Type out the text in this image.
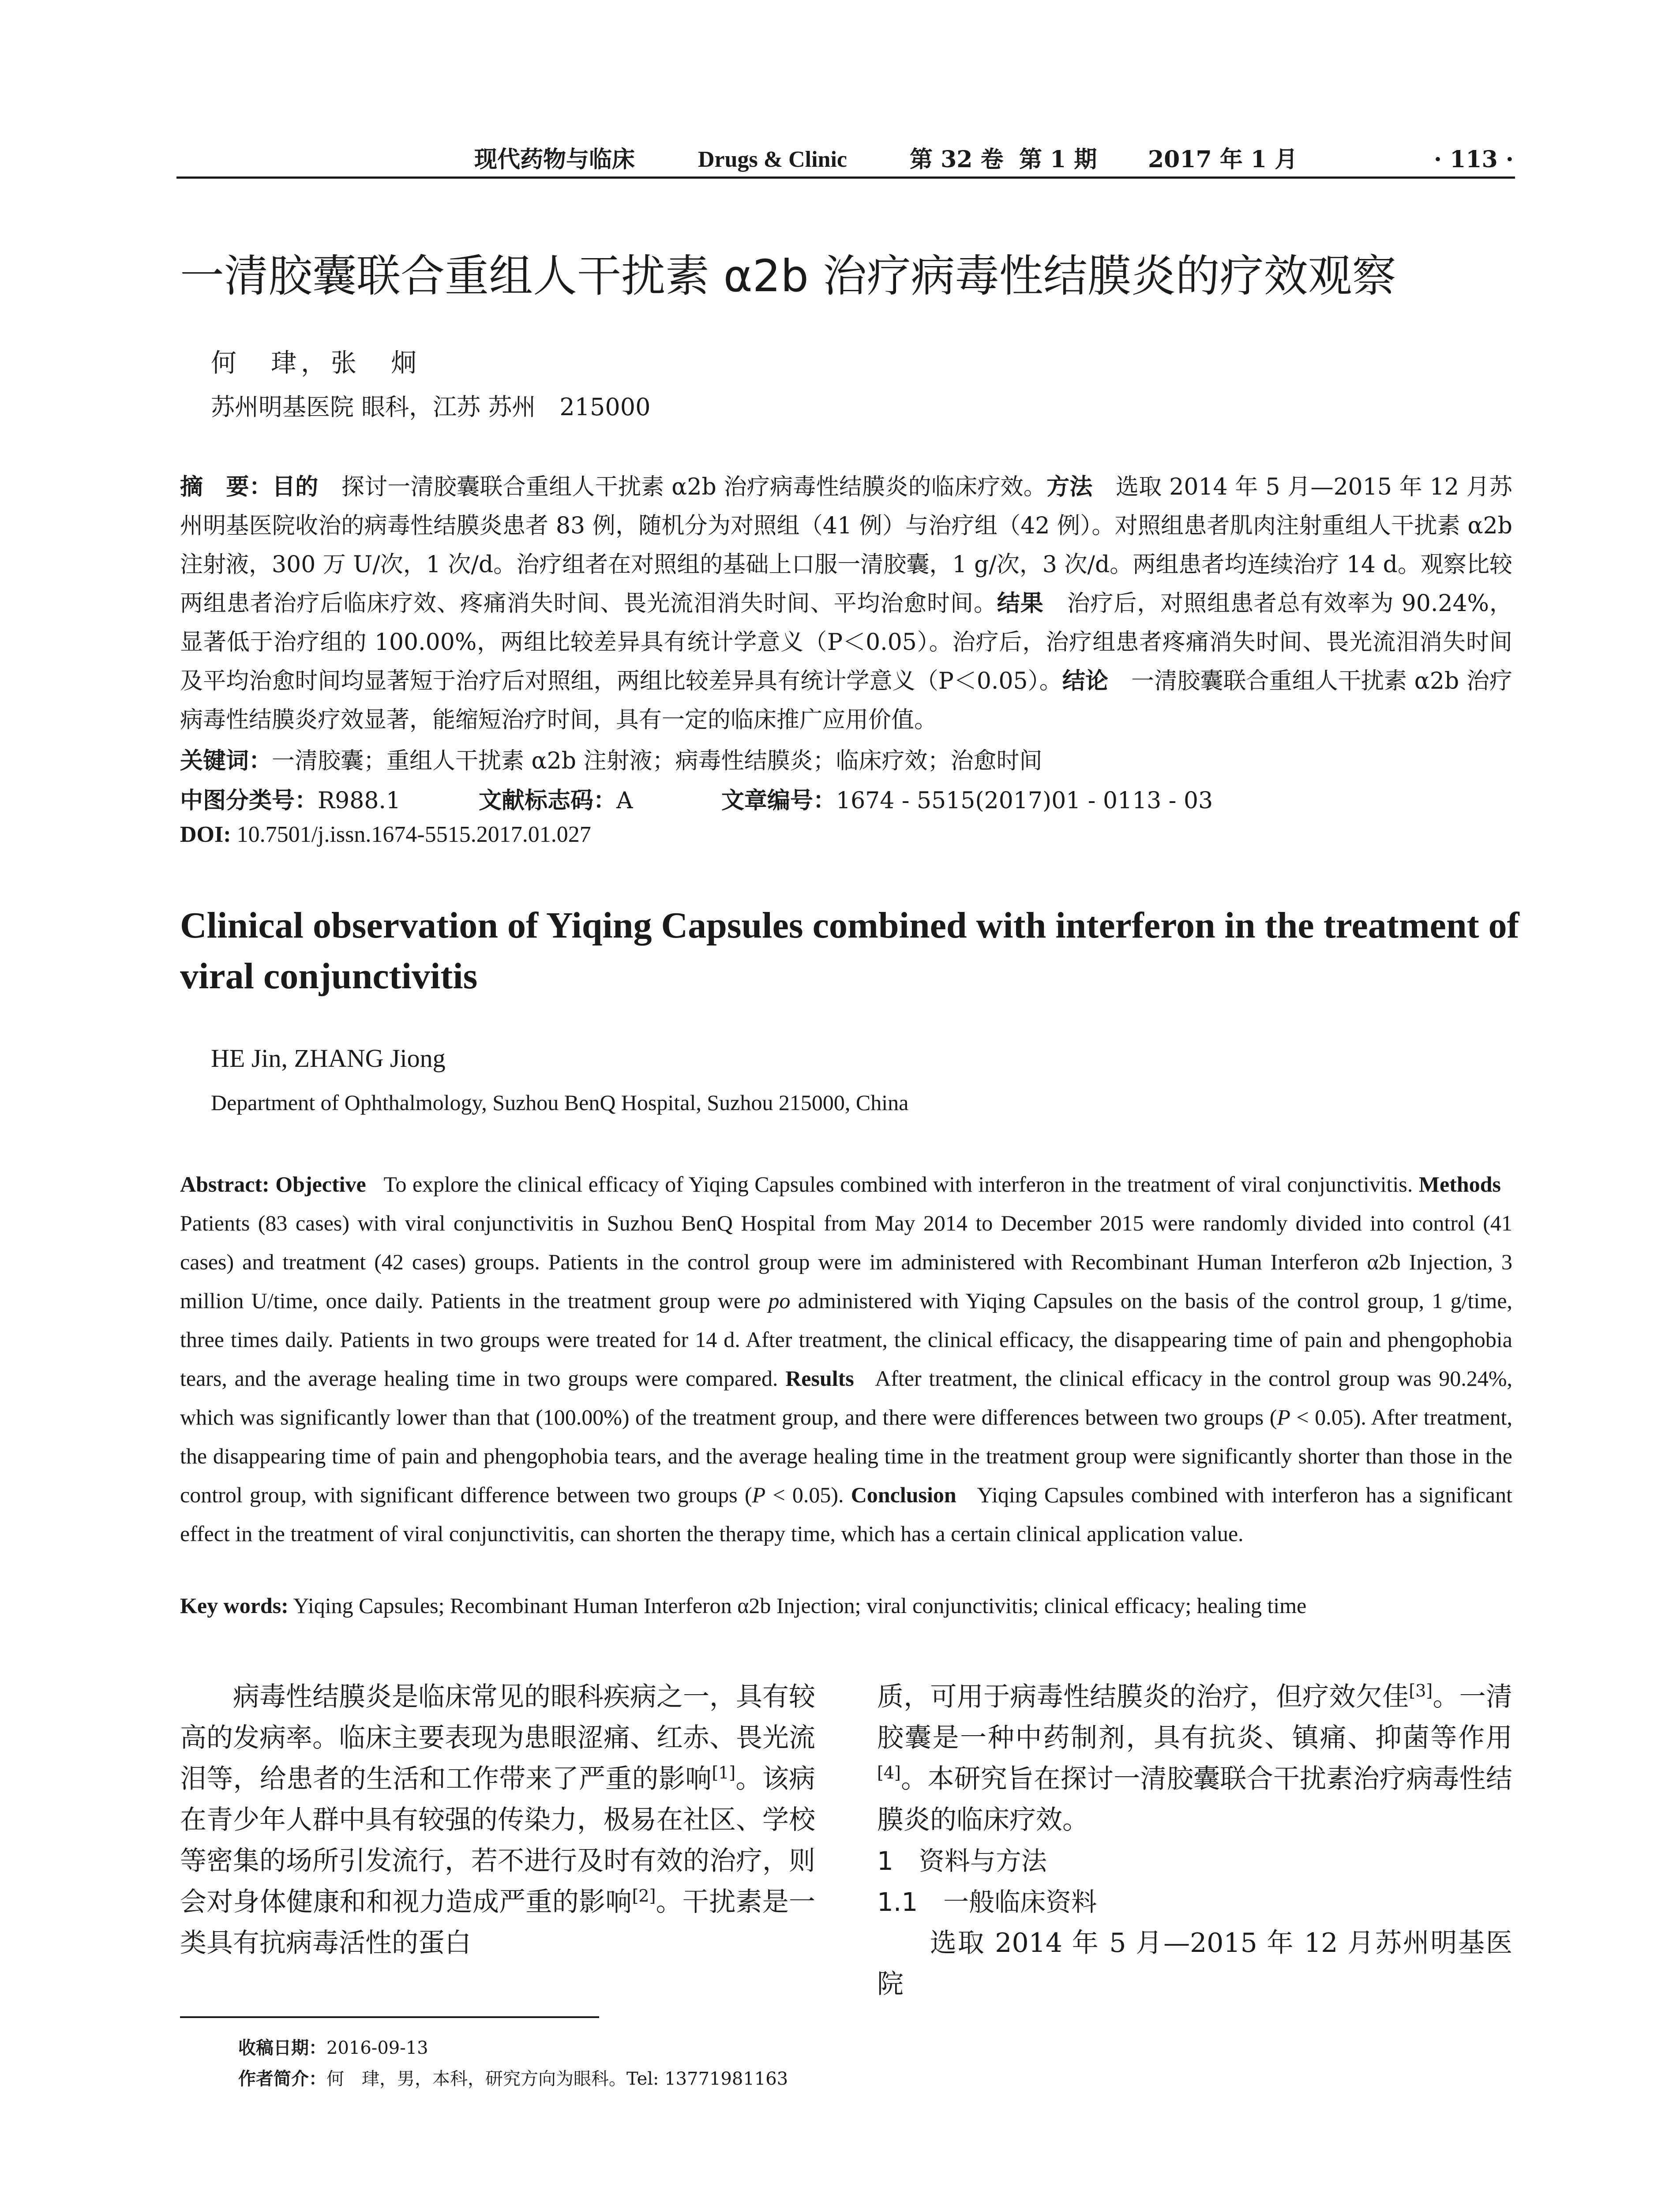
现代药物与临床	Drugs & Clinic	第 32 卷 第 1 期 2017 年 1 月	· 113 ·
一清胶囊联合重组人干扰素 α2b 治疗病毒性结膜炎的疗效观察
何　珒，张　炯
苏州明基医院 眼科，江苏 苏州　215000
摘　要：目的　 探讨一清胶囊联合重组人干扰素 α2b 治疗病毒性结膜炎的临床疗效。方法　 选取 2014 年 5 月—2015 年 12 月苏州明基医院收治的病毒性结膜炎患者 83 例，随机分为对照组（41 例）与治疗组（42 例）。对照组患者肌肉注射重组人干扰素 α2b 注射液，300 万 U/次，1 次/d。治疗组者在对照组的基础上口服一清胶囊，1 g/次，3 次/d。两组患者均连续治疗 14 d。观察比较两组患者治疗后临床疗效、疼痛消失时间、畏光流泪消失时间、平均治愈时间。结果　 治疗后，对照组患者总有效率为 90.24%，显著低于治疗组的 100.00%，两组比较差异具有统计学意义（P＜0.05）。治疗后，治疗组患者疼痛消失时间、畏光流泪消失时间及平均治愈时间均显著短于治疗后对照组，两组比较差异具有统计学意义（P＜0.05）。结论　 一清胶囊联合重组人干扰素 α2b 治疗病毒性结膜炎疗效显著，能缩短治疗时间，具有一定的临床推广应用价值。
关键词：一清胶囊；重组人干扰素 α2b 注射液；病毒性结膜炎；临床疗效；治愈时间
中图分类号：R988.1	文献标志码：A	文章编号：1674 - 5515(2017)01 - 0113 - 03
DOI: 10.7501/j.issn.1674-5515.2017.01.027
Clinical observation of Yiqing Capsules combined with interferon in the treatment of viral conjunctivitis
HE Jin, ZHANG Jiong
Department of Ophthalmology, Suzhou BenQ Hospital, Suzhou 215000, China
Abstract: Objective To explore the clinical efficacy of Yiqing Capsules combined with interferon in the treatment of viral conjunctivitis. Methods   Patients (83 cases) with viral conjunctivitis in Suzhou BenQ Hospital from May 2014 to December 2015 were randomly divided into control (41 cases) and treatment (42 cases) groups. Patients in the control group were im administered with Recombinant Human Interferon α2b Injection, 3 million U/time, once daily. Patients in the treatment group were po administered with Yiqing Capsules on the basis of the control group, 1 g/time, three times daily. Patients in two groups were treated for 14 d. After treatment, the clinical efficacy, the disappearing time of pain and phengophobia tears, and the average healing time in two groups were compared. Results After treatment, the clinical efficacy in the control group was 90.24%, which was significantly lower than that (100.00%) of the treatment group, and there were differences between two groups (P < 0.05). After treatment, the disappearing time of pain and phengophobia tears, and the average healing time in the treatment group were significantly shorter than those in the control group, with significant difference between two groups (P < 0.05). Conclusion Yiqing Capsules combined with interferon has a significant effect in the treatment of viral conjunctivitis, can shorten the therapy time, which has a certain clinical application value.
Key words: Yiqing Capsules; Recombinant Human Interferon α2b Injection; viral conjunctivitis; clinical efficacy; healing time

病毒性结膜炎是临床常见的眼科疾病之一，具有较高的发病率。临床主要表现为患眼涩痛、红赤、畏光流泪等，给患者的生活和工作带来了严重的影响[1]。该病在青少年人群中具有较强的传染力，极易在社区、学校等密集的场所引发流行，若不进行及时有效的治疗，则会对身体健康和和视力造成严重的影响[2]。干扰素是一类具有抗病毒活性的蛋白

质，可用于病毒性结膜炎的治疗，但疗效欠佳[3]。一清胶囊是一种中药制剂，具有抗炎、镇痛、抑菌等作用[4]。本研究旨在探讨一清胶囊联合干扰素治疗病毒性结膜炎的临床疗效。

1　资料与方法
1.1　一般临床资料

选取 2014 年 5 月—2015 年 12 月苏州明基医院

收稿日期：2016-09-13
作者简介：何　珒，男，本科，研究方向为眼科。Tel: 13771981163
